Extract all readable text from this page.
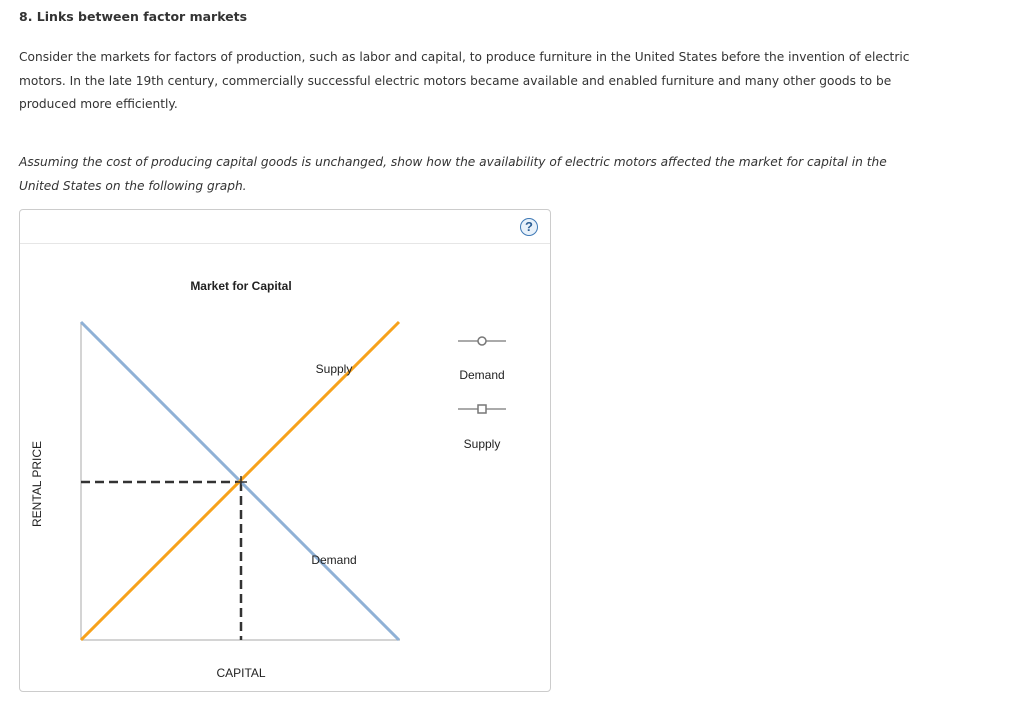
8. Links between factor markets

Consider the markets for factors of production, such as labor and capital, to produce furniture in the United States before the invention of electric motors. In the late 19th century, commercially successful electric motors became available and enabled furniture and many other goods to be produced more efficiently.

Assuming the cost of producing capital goods is unchanged, show how the availability of electric motors affected the market for capital in the United States on the following graph.

?
Market for Capital
Supply
Demand
CAPITAL
RENTAL PRICE
Demand
Supply
